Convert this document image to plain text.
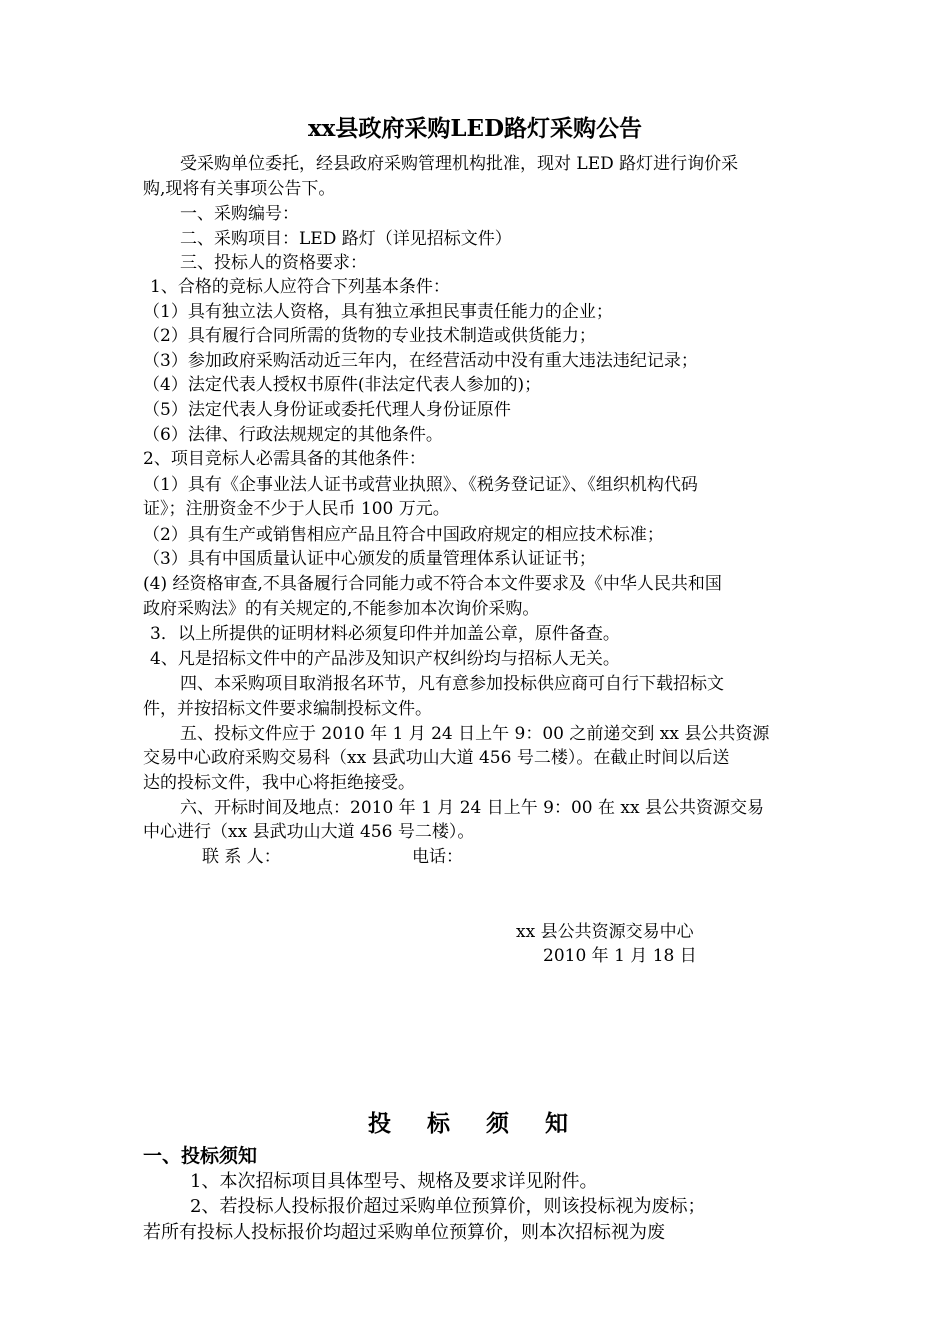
xx县政府采购LED路灯采购公告
受采购单位委托，经县政府采购管理机构批准，现对 LED 路灯进行询价采
购,现将有关事项公告下。
一、采购编号：
二、采购项目：LED 路灯（详见招标文件）
三、投标人的资格要求：
1、合格的竞标人应符合下列基本条件：
（1）具有独立法人资格，具有独立承担民事责任能力的企业；
（2）具有履行合同所需的货物的专业技术制造或供货能力；
（3）参加政府采购活动近三年内，在经营活动中没有重大违法违纪记录；
（4）法定代表人授权书原件(非法定代表人参加的)；
（5）法定代表人身份证或委托代理人身份证原件
（6）法律、行政法规规定的其他条件。
2、项目竞标人必需具备的其他条件：
（1）具有《企事业法人证书或营业执照》、《税务登记证》、《组织机构代码
证》；注册资金不少于人民币 100 万元。
（2）具有生产或销售相应产品且符合中国政府规定的相应技术标准；
（3）具有中国质量认证中心颁发的质量管理体系认证证书；
(4) 经资格审查,不具备履行合同能力或不符合本文件要求及《中华人民共和国
政府采购法》的有关规定的,不能参加本次询价采购。
3．以上所提供的证明材料必须复印件并加盖公章，原件备查。
4、凡是招标文件中的产品涉及知识产权纠纷均与招标人无关。
四、本采购项目取消报名环节，凡有意参加投标供应商可自行下载招标文
件，并按招标文件要求编制投标文件。
五、投标文件应于 2010 年 1 月 24 日上午 9：00 之前递交到 xx 县公共资源
交易中心政府采购交易科（xx 县武功山大道 456 号二楼）。在截止时间以后送
达的投标文件，我中心将拒绝接受。
六、开标时间及地点：2010 年 1 月 24 日上午 9：00 在 xx 县公共资源交易
中心进行（xx 县武功山大道 456 号二楼）。
联 系 人：	电话：
xx 县公共资源交易中心
2010 年 1 月 18 日
投 标 须 知
一、投标须知
1、本次招标项目具体型号、规格及要求详见附件。
2、若投标人投标报价超过采购单位预算价，则该投标视为废标；
若所有投标人投标报价均超过采购单位预算价，则本次招标视为废
